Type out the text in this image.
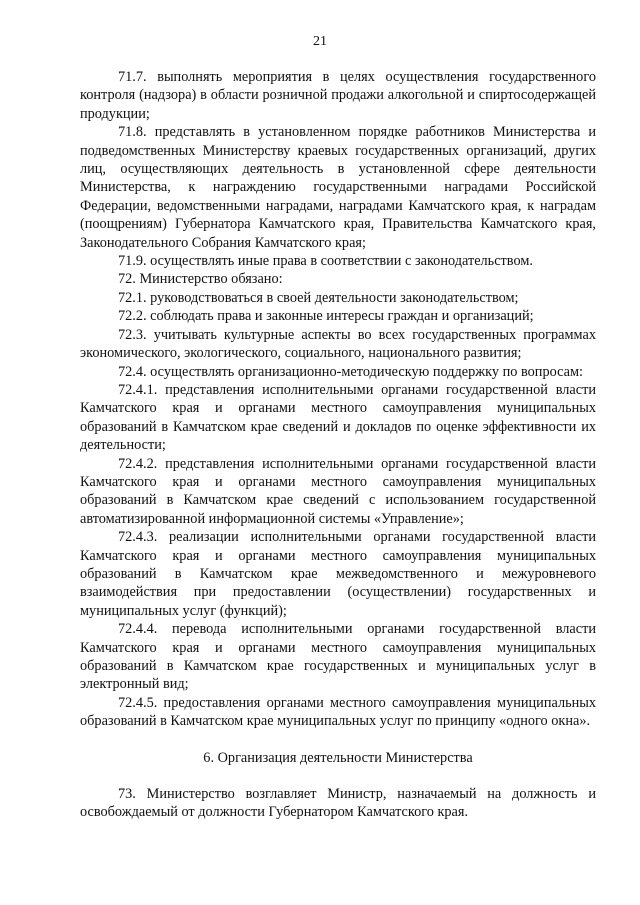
21

71.7. выполнять мероприятия в целях осуществления государственного контроля (надзора) в области розничной продажи алкогольной и спиртосодержащей продукции;

71.8. представлять в установленном порядке работников Министерства и подведомственных Министерству краевых государственных организаций, других лиц, осуществляющих деятельность в установленной сфере деятельности Министерства, к награждению государственными наградами Российской Федерации, ведомственными наградами, наградами Камчатского края, к наградам (поощрениям) Губернатора Камчатского края, Правительства Камчатского края, Законодательного Собрания Камчатского края;

71.9. осуществлять иные права в соответствии с законодательством.

72. Министерство обязано:

72.1. руководствоваться в своей деятельности законодательством;

72.2. соблюдать права и законные интересы граждан и организаций;

72.3. учитывать культурные аспекты во всех государственных программах экономического, экологического, социального, национального развития;

72.4. осуществлять организационно-методическую поддержку по вопросам:

72.4.1. представления исполнительными органами государственной власти Камчатского края и органами местного самоуправления муниципальных образований в Камчатском крае сведений и докладов по оценке эффективности их деятельности;

72.4.2. представления исполнительными органами государственной власти Камчатского края и органами местного самоуправления муниципальных образований в Камчатском крае сведений с использованием государственной автоматизированной информационной системы «Управление»;

72.4.3. реализации исполнительными органами государственной власти Камчатского края и органами местного самоуправления муниципальных образований в Камчатском крае межведомственного и межуровневого взаимодействия при предоставлении (осуществлении) государственных и муниципальных услуг (функций);

72.4.4. перевода исполнительными органами государственной власти Камчатского края и органами местного самоуправления муниципальных образований в Камчатском крае государственных и муниципальных услуг в электронный вид;

72.4.5. предоставления органами местного самоуправления муниципальных образований в Камчатском крае муниципальных услуг по принципу «одного окна».

6. Организация деятельности Министерства

73. Министерство возглавляет Министр, назначаемый на должность и освобождаемый от должности Губернатором Камчатского края.
